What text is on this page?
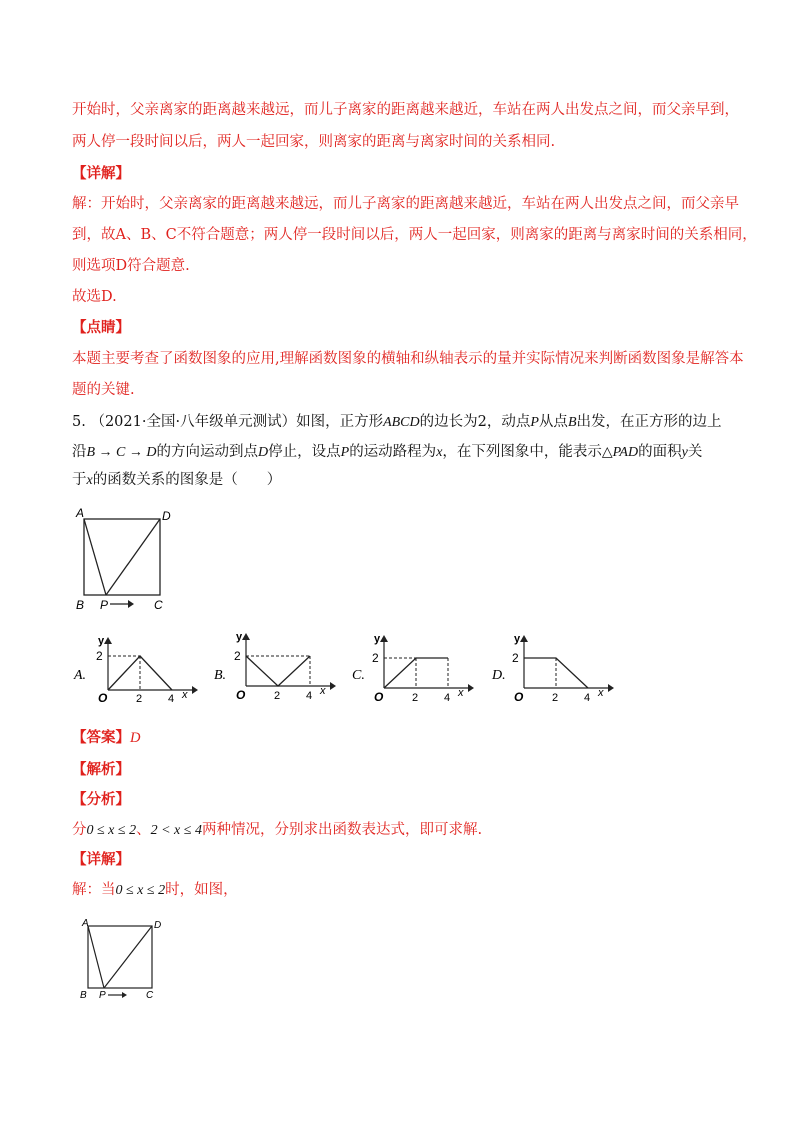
开始时，父亲离家的距离越来越远，而儿子离家的距离越来越近，车站在两人出发点之间，而父亲早到，
两人停一段时间以后，两人一起回家，则离家的距离与离家时间的关系相同.
【详解】
解：开始时，父亲离家的距离越来越远，而儿子离家的距离越来越近，车站在两人出发点之间，而父亲早
到，故A、B、C不符合题意；两人停一段时间以后，两人一起回家，则离家的距离与离家时间的关系相同，
则选项D符合题意.
故选D.
【点睛】
本题主要考查了函数图象的应用,理解函数图象的横轴和纵轴表示的量并实际情况来判断函数图象是解答本
题的关键.
5. （2021·全国·八年级单元测试）如图，正方形ABCD的边长为2，动点P从点B出发，在正方形的边上
沿B → C → D的方向运动到点D停止，设点P的运动路程为x，在下列图象中，能表示△PAD的面积y关
于x的函数关系的图象是（　　）
A	D
B P	C
A.	B.	C.	D.
y
2
O	2 4 x
y
2
O	2 4 x
y
2
O	2 4 x
y
2
O	2 4 x
【答案】D
【解析】
【分析】
分0 ≤ x ≤ 2、2 < x ≤ 4两种情况，分别求出函数表达式，即可求解.
【详解】
解：当0 ≤ x ≤ 2时，如图，
A	D
B P	C
